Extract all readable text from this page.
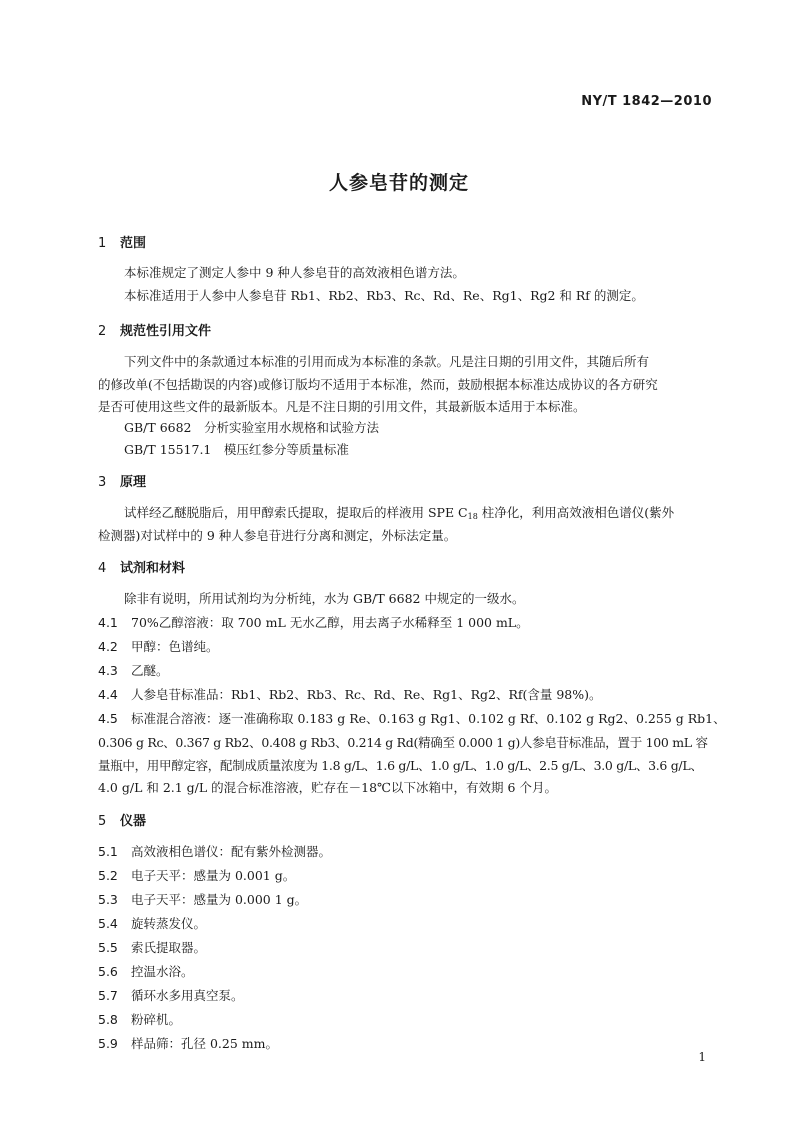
NY/T 1842—2010
人参皂苷的测定
1 范围
本标准规定了测定人参中 9 种人参皂苷的高效液相色谱方法。
本标准适用于人参中人参皂苷 Rb1、Rb2、Rb3、Rc、Rd、Re、Rg1、Rg2 和 Rf 的测定。
2 规范性引用文件
下列文件中的条款通过本标准的引用而成为本标准的条款。凡是注日期的引用文件，其随后所有
的修改单(不包括勘误的内容)或修订版均不适用于本标准，然而，鼓励根据本标准达成协议的各方研究
是否可使用这些文件的最新版本。凡是不注日期的引用文件，其最新版本适用于本标准。
GB/T 6682　分析实验室用水规格和试验方法
GB/T 15517.1　模压红参分等质量标准
3 原理
试样经乙醚脱脂后，用甲醇索氏提取，提取后的样液用 SPE $C_{18}$ 柱净化，利用高效液相色谱仪(紫外
检测器)对试样中的 9 种人参皂苷进行分离和测定，外标法定量。
4 试剂和材料
除非有说明，所用试剂均为分析纯，水为 GB/T 6682 中规定的一级水。
4.1 70%乙醇溶液：取 700 mL 无水乙醇，用去离子水稀释至 1 000 mL。
4.2 甲醇：色谱纯。
4.3 乙醚。
4.4 人参皂苷标准品：Rb1、Rb2、Rb3、Rc、Rd、Re、Rg1、Rg2、Rf(含量 98%)。
4.5 标准混合溶液：逐一准确称取 0.183 g Re、0.163 g Rg1、0.102 g Rf、0.102 g Rg2、0.255 g Rb1、
0.306 g Rc、0.367 g Rb2、0.408 g Rb3、0.214 g Rd(精确至 0.000 1 g)人参皂苷标准品，置于 100 mL 容
量瓶中，用甲醇定容，配制成质量浓度为 1.8 g/L、1.6 g/L、1.0 g/L、1.0 g/L、2.5 g/L、3.0 g/L、3.6 g/L、
4.0 g/L 和 2.1 g/L 的混合标准溶液，贮存在－18℃以下冰箱中，有效期 6 个月。
5 仪器
5.1 高效液相色谱仪：配有紫外检测器。
5.2 电子天平：感量为 0.001 g。
5.3 电子天平：感量为 0.000 1 g。
5.4 旋转蒸发仪。
5.5 索氏提取器。
5.6 控温水浴。
5.7 循环水多用真空泵。
5.8 粉碎机。
5.9 样品筛：孔径 0.25 mm。
1
